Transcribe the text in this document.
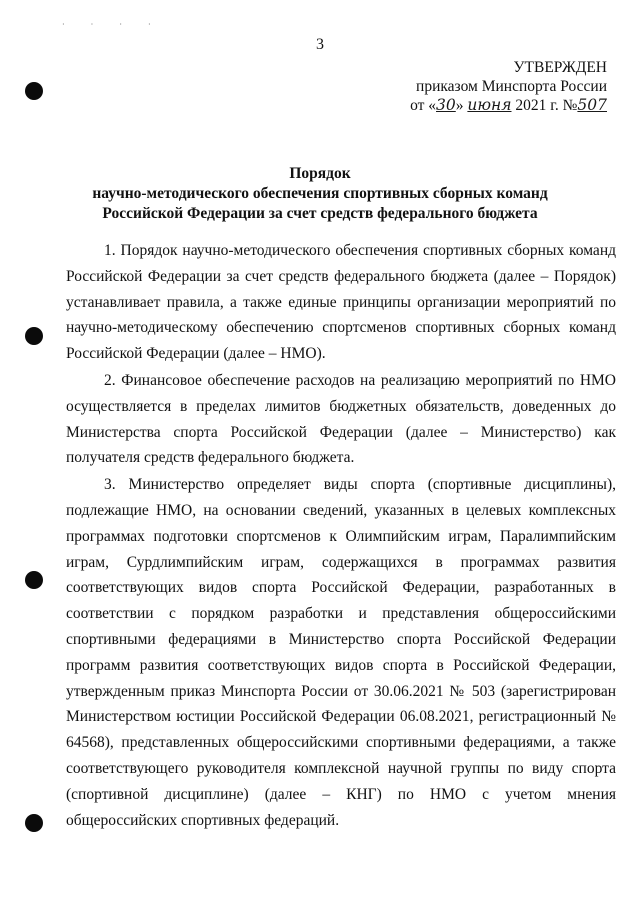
· · · ·
3
УТВЕРЖДЕН
приказом Минспорта России
от «30» июня 2021 г. №507
Порядок
научно-методического обеспечения спортивных сборных команд
Российской Федерации за счет средств федерального бюджета

1. Порядок научно-методического обеспечения спортивных сборных команд Российской Федерации за счет средств федерального бюджета (далее – Порядок) устанавливает правила, а также единые принципы организации мероприятий по научно-методическому обеспечению спортсменов спортивных сборных команд Российской Федерации (далее – НМО).

2. Финансовое обеспечение расходов на реализацию мероприятий по НМО осуществляется в пределах лимитов бюджетных обязательств, доведенных до Министерства спорта Российской Федерации (далее – Министерство) как получателя средств федерального бюджета.

3. Министерство определяет виды спорта (спортивные дисциплины), подлежащие НМО, на основании сведений, указанных в целевых комплексных программах подготовки спортсменов к Олимпийским играм, Паралимпийским играм, Сурдлимпийским играм, содержащихся в программах развития соответствующих видов спорта Российской Федерации, разработанных в соответствии с порядком разработки и представления общероссийскими спортивными федерациями в Министерство спорта Российской Федерации программ развития соответствующих видов спорта в Российской Федерации, утвержденным приказ Минспорта России от 30.06.2021 № 503 (зарегистрирован Министерством юстиции Российской Федерации 06.08.2021, регистрационный № 64568), представленных общероссийскими спортивными федерациями, а также соответствующего руководителя комплексной научной группы по виду спорта (спортивной дисциплине) (далее – КНГ) по НМО с учетом мнения общероссийских спортивных федераций.
